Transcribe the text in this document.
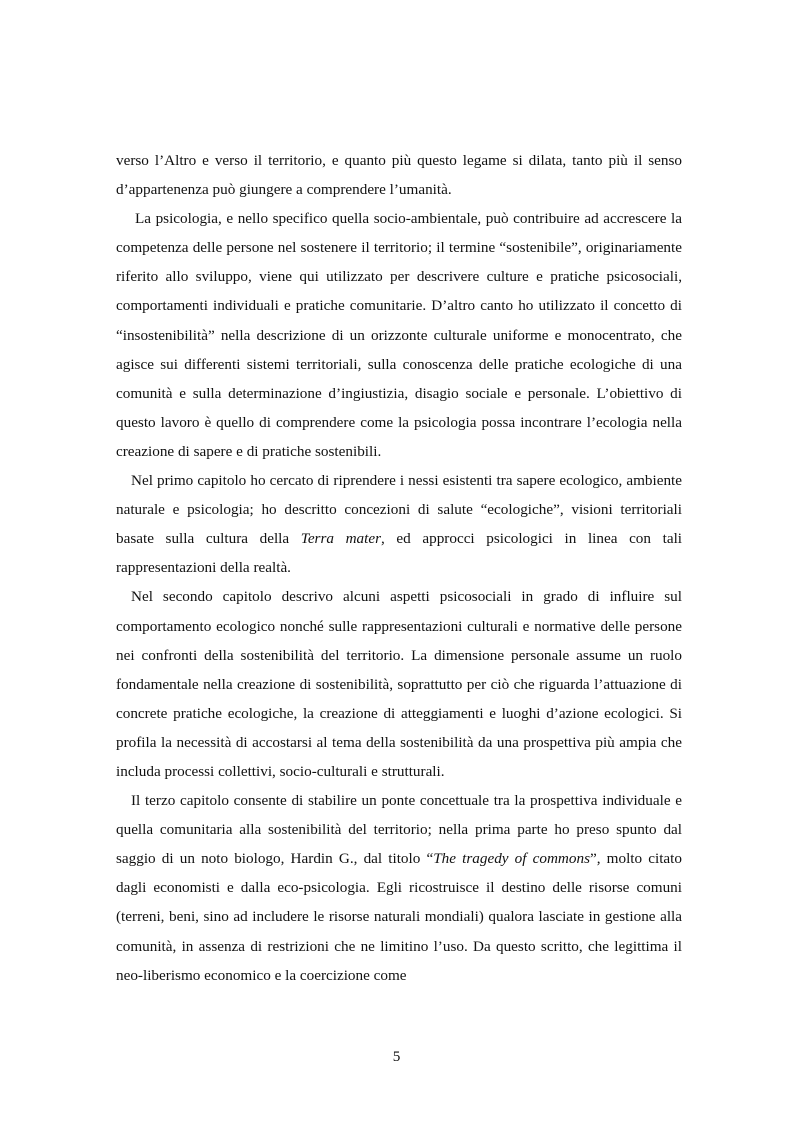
verso l’Altro e verso il territorio, e quanto più questo legame si dilata, tanto più il senso d’appartenenza può giungere a comprendere l’umanità.

La psicologia, e nello specifico quella socio-ambientale, può contribuire ad accrescere la competenza delle persone nel sostenere il territorio; il termine “sostenibile”, originariamente riferito allo sviluppo, viene qui utilizzato per descrivere culture e pratiche psicosociali, comportamenti individuali e pratiche comunitarie. D’altro canto ho utilizzato il concetto di “insostenibilità” nella descrizione di un orizzonte culturale uniforme e monocentrato, che agisce sui differenti sistemi territoriali, sulla conoscenza delle pratiche ecologiche di una comunità e sulla determinazione d’ingiustizia, disagio sociale e personale. L’obiettivo di questo lavoro è quello di comprendere come la psicologia possa incontrare l’ecologia nella creazione di sapere e di pratiche sostenibili.

Nel primo capitolo ho cercato di riprendere i nessi esistenti tra sapere ecologico, ambiente naturale e psicologia; ho descritto concezioni di salute “ecologiche”, visioni territoriali basate sulla cultura della Terra mater, ed approcci psicologici in linea con tali rappresentazioni della realtà.

Nel secondo capitolo descrivo alcuni aspetti psicosociali in grado di influire sul comportamento ecologico nonché sulle rappresentazioni culturali e normative delle persone nei confronti della sostenibilità del territorio. La dimensione personale assume un ruolo fondamentale nella creazione di sostenibilità, soprattutto per ciò che riguarda l’attuazione di concrete pratiche ecologiche, la creazione di atteggiamenti e luoghi d’azione ecologici. Si profila la necessità di accostarsi al tema della sostenibilità da una prospettiva più ampia che includa processi collettivi, socio-culturali e strutturali.

Il terzo capitolo consente di stabilire un ponte concettuale tra la prospettiva individuale e quella comunitaria alla sostenibilità del territorio; nella prima parte ho preso spunto dal saggio di un noto biologo, Hardin G., dal titolo “The tragedy of commons”, molto citato dagli economisti e dalla eco-psicologia. Egli ricostruisce il destino delle risorse comuni (terreni, beni, sino ad includere le risorse naturali mondiali) qualora lasciate in gestione alla comunità, in assenza di restrizioni che ne limitino l’uso. Da questo scritto, che legittima il neo-liberismo economico e la coercizione come

5
